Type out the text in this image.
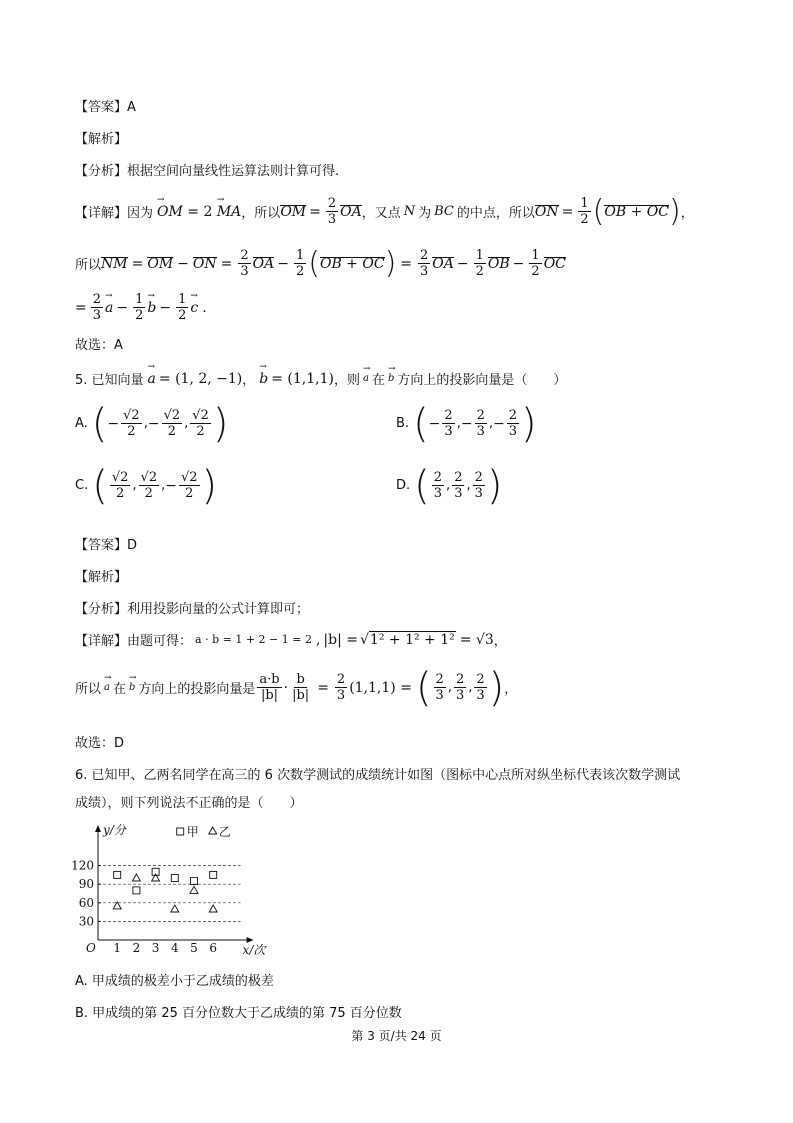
【答案】A
【解析】
【分析】根据空间向量线性运算法则计算可得.
【详解】 因为 OM → = 2 MA → ，所以 OM = $\frac{2}{3}$ OA ，又点 N 为 BC 的中点，所以 ON = $\frac{1}{2}$ ( OB + OC ) ，
所以 NM = OM − ON = $\frac{2}{3}$ OA − $\frac{1}{2}$ ( OB + OC ) = $\frac{2}{3}$ OA − $\frac{1}{2}$ OB − $\frac{1}{2}$ OC
= $\frac{2}{3}$ a → − $\frac{1}{2}$ b → − $\frac{1}{2}$ c → .
故选：A
5. 已知向量 a → = (1, 2, −1) ， b → = (1,1,1) ，则 a → 在 b → 方向上的投影向量是（　　）
A. ( − $\frac{√2}{2}$ , − $\frac{√2}{2}$ , $\frac{√2}{2}$ )	B. ( − $\frac{2}{3}$ , − $\frac{2}{3}$ , − $\frac{2}{3}$ )
C. ( $\frac{√2}{2}$ , $\frac{√2}{2}$ , − $\frac{√2}{2}$ )	D. ( $\frac{2}{3}$ , $\frac{2}{3}$ , $\frac{2}{3}$ )
【答案】D
【解析】
【分析】利用投影向量的公式计算即可；
【详解】 由题可得： a · b = 1 + 2 − 1 = 2 , |b| = √1² + 1² + 1² = √3 ，
所以 a → 在 b → 方向上的投影向量是 $\frac{a\cdot b}{|b|} \cdot \frac{b}{|b|} = \frac{2}{3} (1,1,1)$ = ( $\frac{2}{3}$ , $\frac{2}{3}$ , $\frac{2}{3}$ ) ，
故选：D
6. 已知甲、乙两名同学在高三的 6 次数学测试的成绩统计如图（图标中心点所对纵坐标代表该次数学测试
成绩），则下列说法不正确的是（　　）
30
60
90
120
1 2 3 4 5 6
甲 乙
O
y/分
x/次
A. 甲成绩的极差小于乙成绩的极差
B. 甲成绩的第 25 百分位数大于乙成绩的第 75 百分位数
第 3 页/共 24 页
